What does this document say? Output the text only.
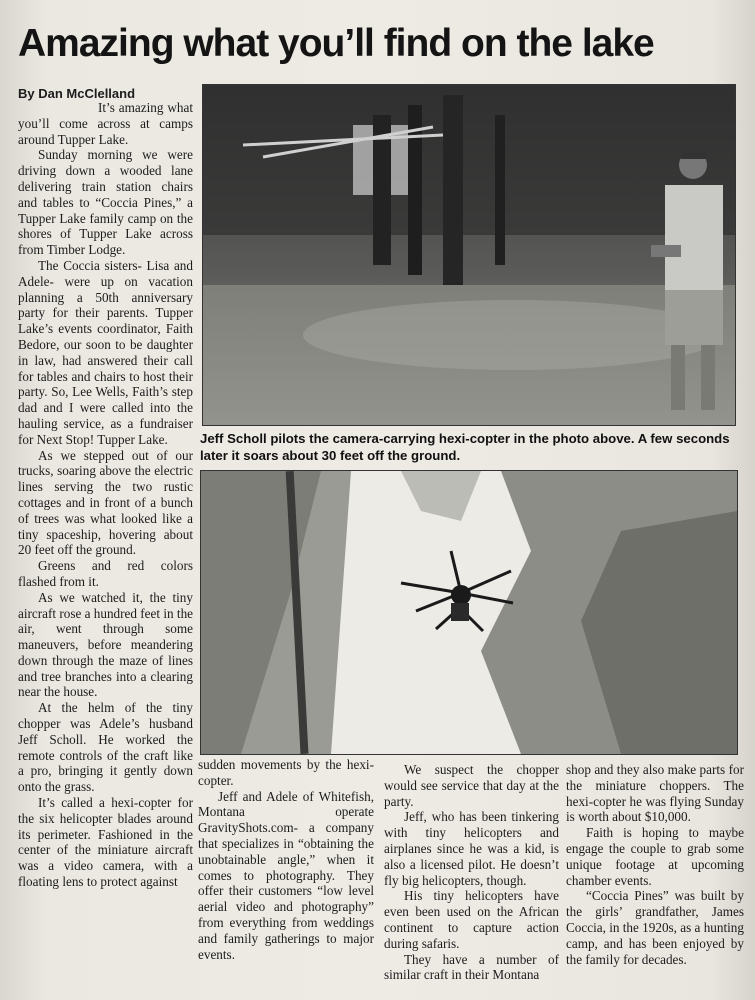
Amazing what you’ll find on the lake
By Dan McClelland

It’s amazing what you’ll come across at camps around Tupper Lake.

Sunday morning we were driving down a wooded lane delivering train station chairs and tables to “Coccia Pines,” a Tupper Lake family camp on the shores of Tupper Lake across from Timber Lodge.

The Coccia sisters- Lisa and Adele- were up on vacation planning a 50th anniversary party for their parents. Tupper Lake’s events coordinator, Faith Bedore, our soon to be daughter in law, had answered their call for tables and chairs to host their party. So, Lee Wells, Faith’s step dad and I were called into the hauling service, as a fundraiser for Next Stop! Tupper Lake.

As we stepped out of our trucks, soaring above the electric lines serving the two rustic cottages and in front of a bunch of trees was what looked like a tiny spaceship, hovering about 20 feet off the ground.

Greens and red colors flashed from it.

As we watched it, the tiny aircraft rose a hundred feet in the air, went through some maneuvers, before meandering down through the maze of lines and tree branches into a clearing near the house.

At the helm of the tiny chopper was Adele’s husband Jeff Scholl. He worked the remote controls of the craft like a pro, bringing it gently down onto the grass.

It’s called a hexi-copter for the six helicopter blades around its perimeter. Fashioned in the center of the miniature aircraft was a video camera, with a floating lens to protect against

Jeff Scholl pilots the camera-carrying hexi-copter in the photo above. A few seconds later it soars about 30 feet off the ground.

sudden movements by the hexi-copter.

Jeff and Adele of Whitefish, Montana operate GravityShots.com- a company that specializes in “obtaining the unobtainable angle,” when it comes to photography. They offer their customers “low level aerial video and photography” from everything from weddings and family gatherings to major events.

We suspect the chopper would see service that day at the party.

Jeff, who has been tinkering with tiny helicopters and airplanes since he was a kid, is also a licensed pilot. He doesn’t fly big helicopters, though.

His tiny helicopters have even been used on the African continent to capture action during safaris.

They have a number of similar craft in their Montana

shop and they also make parts for the miniature choppers. The hexi-copter he was flying Sunday is worth about $10,000.

Faith is hoping to maybe engage the couple to grab some unique footage at upcoming chamber events.

“Coccia Pines” was built by the girls’ grandfather, James Coccia, in the 1920s, as a hunting camp, and has been enjoyed by the family for decades.
